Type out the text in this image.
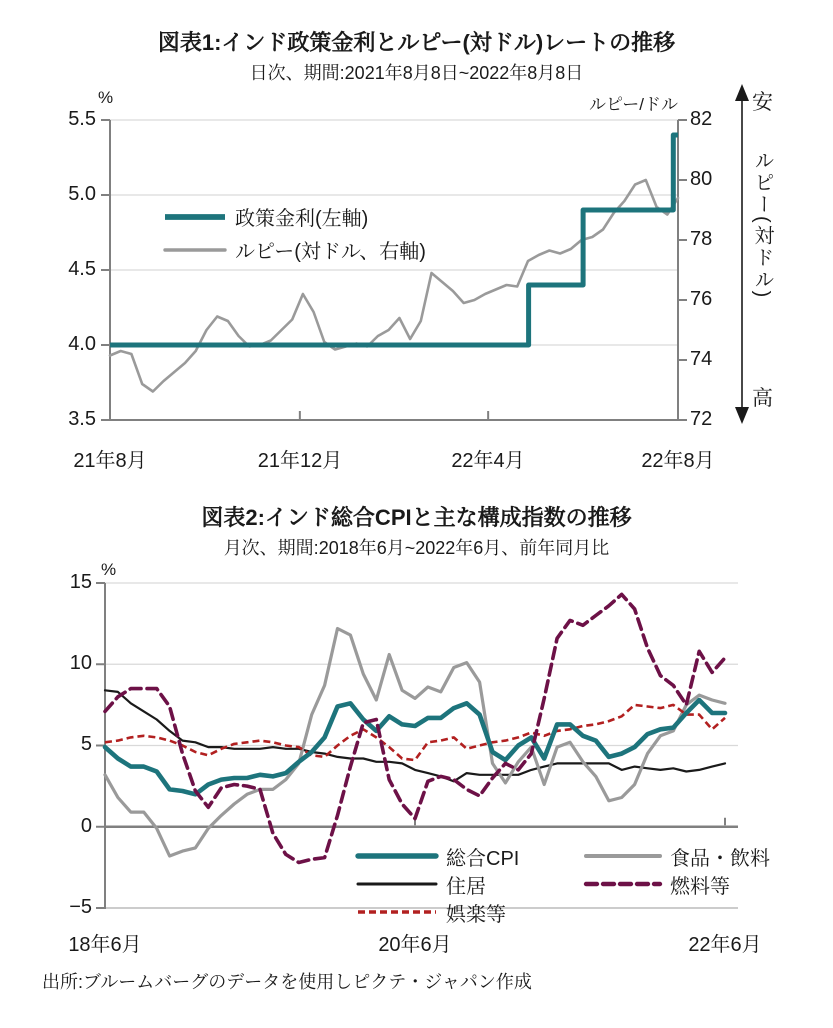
図表1:インド政策金利とルピー(対ドル)レートの推移
日次、期間:2021年8月8日~2022年8月8日
%	ルピー/ドル
5.5
5.0
4.5
4.0
3.5
82
80
78
76
74
72
21年8月	21年12月	22年4月	22年8月
政策金利(左軸)
ルピー(対ドル、右軸)
安
ルピー(対ドル)
高
図表2:インド総合CPIと主な構成指数の推移
月次、期間:2018年6月~2022年6月、前年同月比
%
15
10
5
0
−5
18年6月	20年6月	22年6月
総合CPI
住居
娯楽等
食品・飲料
燃料等
出所:ブルームバーグのデータを使用しピクテ・ジャパン作成
